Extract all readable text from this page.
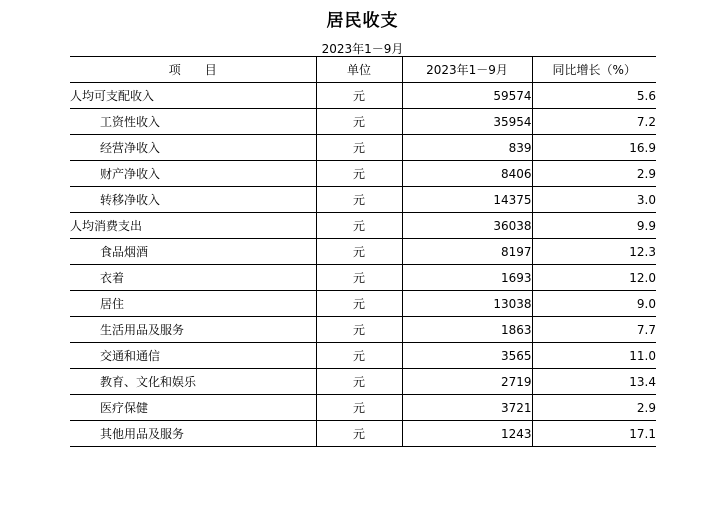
居民收支
2023年1－9月
项　　目	单位	2023年1－9月	同比增长（%）
人均可支配收入	元	59574	5.6
工资性收入	元	35954	7.2
经营净收入	元	839	16.9
财产净收入	元	8406	2.9
转移净收入	元	14375	3.0
人均消费支出	元	36038	9.9
食品烟酒	元	8197	12.3
衣着	元	1693	12.0
居住	元	13038	9.0
生活用品及服务	元	1863	7.7
交通和通信	元	3565	11.0
教育、文化和娱乐	元	2719	13.4
医疗保健	元	3721	2.9
其他用品及服务	元	1243	17.1
